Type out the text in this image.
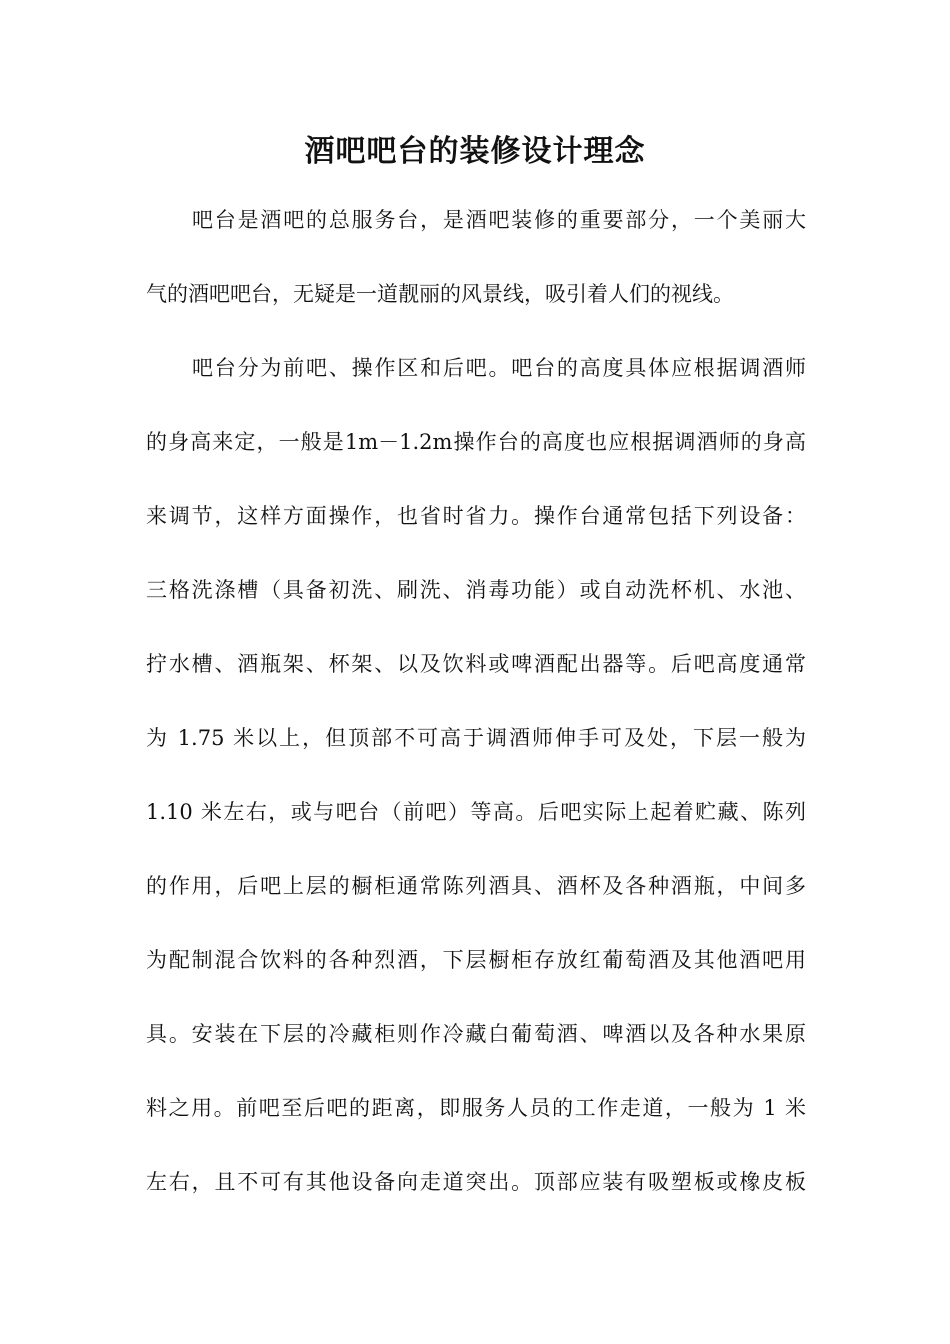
酒吧吧台的装修设计理念
吧台是酒吧的总服务台，是酒吧装修的重要部分，一个美丽大
气的酒吧吧台，无疑是一道靓丽的风景线，吸引着人们的视线。
吧台分为前吧、操作区和后吧。吧台的高度具体应根据调酒师
的身高来定，一般是1m－1.2m操作台的高度也应根据调酒师的身高
来调节，这样方面操作，也省时省力。操作台通常包括下列设备：
三格洗涤槽（具备初洗、刷洗、消毒功能）或自动洗杯机、水池、
拧水槽、酒瓶架、杯架、以及饮料或啤酒配出器等。后吧高度通常
为 1.75 米以上，但顶部不可高于调酒师伸手可及处，下层一般为
1.10 米左右，或与吧台（前吧）等高。后吧实际上起着贮藏、陈列
的作用，后吧上层的橱柜通常陈列酒具、酒杯及各种酒瓶，中间多
为配制混合饮料的各种烈酒，下层橱柜存放红葡萄酒及其他酒吧用
具。安装在下层的冷藏柜则作冷藏白葡萄酒、啤酒以及各种水果原
料之用。前吧至后吧的距离，即服务人员的工作走道，一般为 1 米
左右，且不可有其他设备向走道突出。顶部应装有吸塑板或橡皮板
